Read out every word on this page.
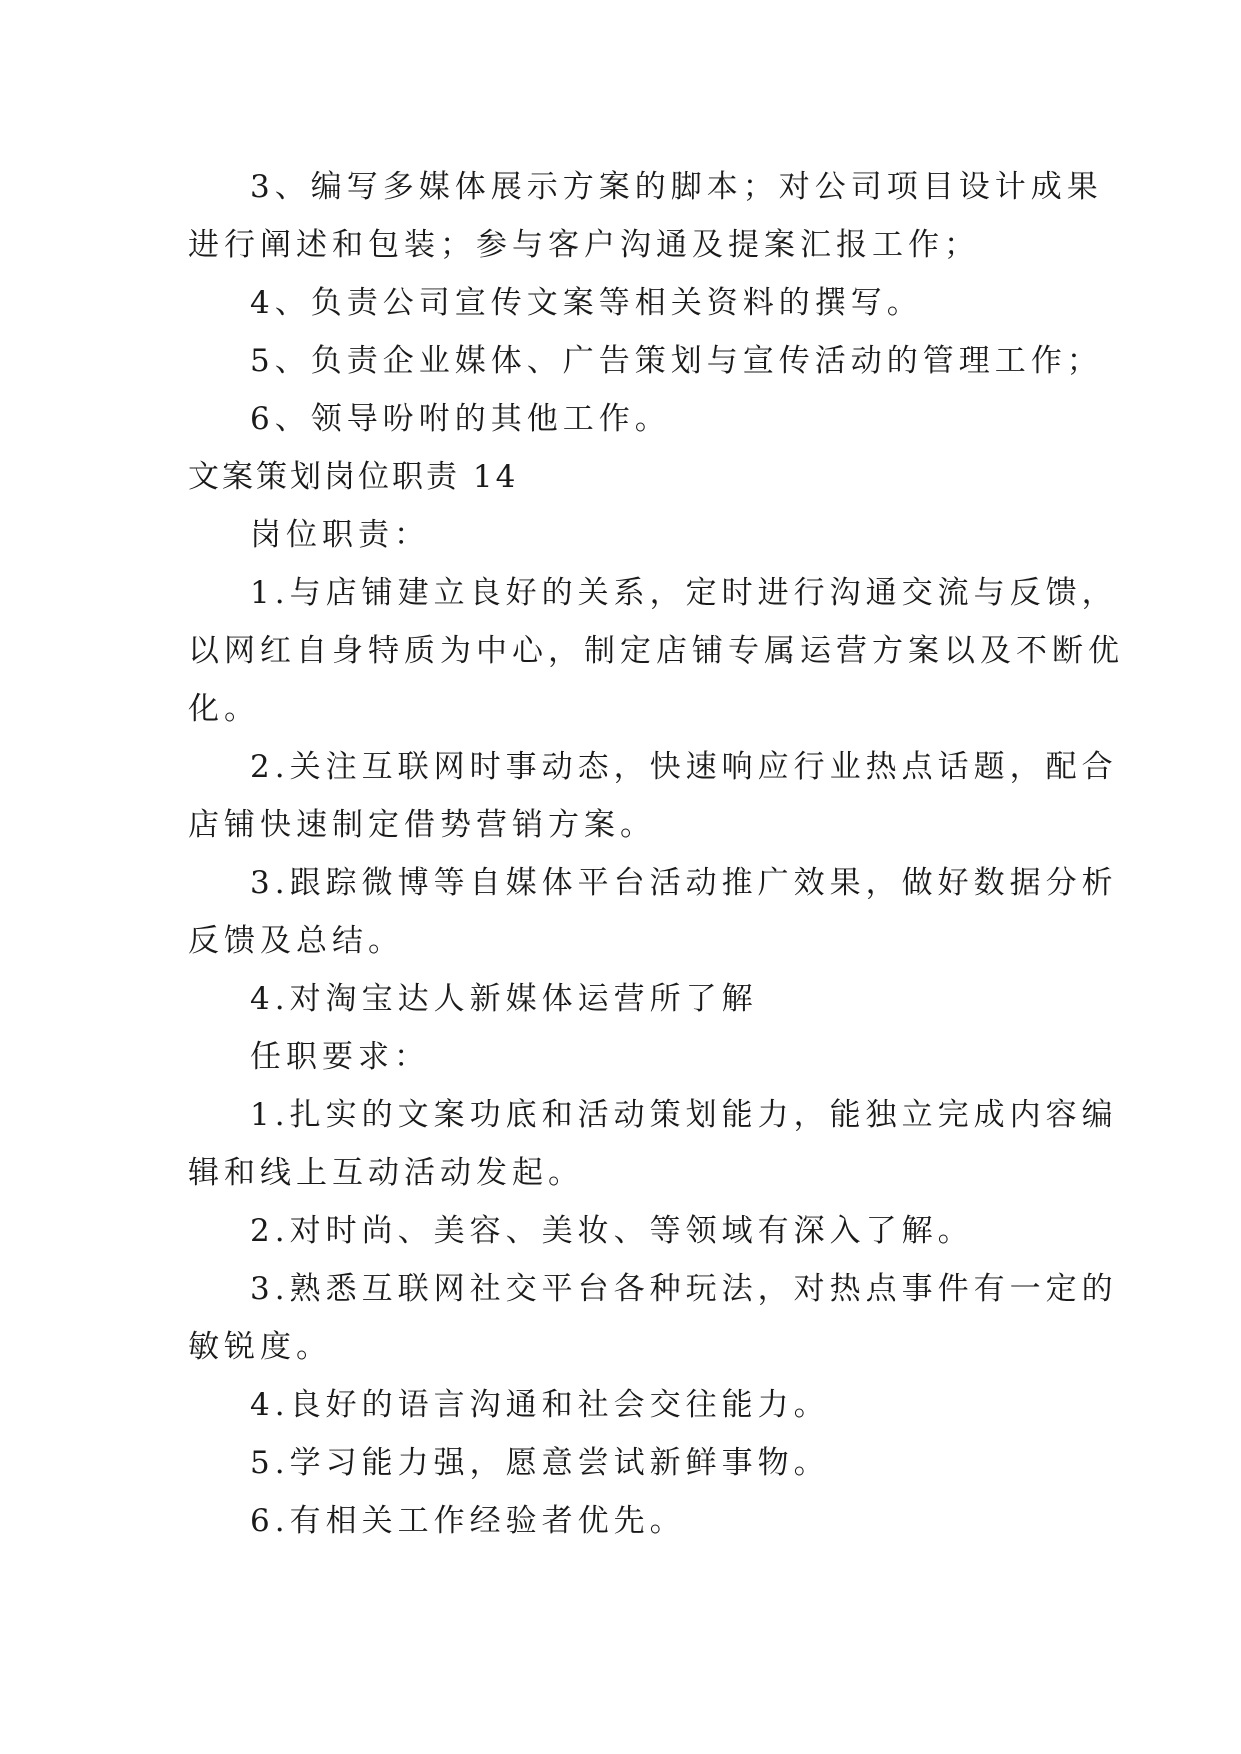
3、编写多媒体展示方案的脚本；对公司项目设计成果
进行阐述和包装；参与客户沟通及提案汇报工作；
4、负责公司宣传文案等相关资料的撰写。
5、负责企业媒体、广告策划与宣传活动的管理工作；
6、领导吩咐的其他工作。
文案策划岗位职责 14
岗位职责：
1.与店铺建立良好的关系，定时进行沟通交流与反馈，
以网红自身特质为中心，制定店铺专属运营方案以及不断优
化。
2.关注互联网时事动态，快速响应行业热点话题，配合
店铺快速制定借势营销方案。
3.跟踪微博等自媒体平台活动推广效果，做好数据分析
反馈及总结。
4.对淘宝达人新媒体运营所了解
任职要求：
1.扎实的文案功底和活动策划能力，能独立完成内容编
辑和线上互动活动发起。
2.对时尚、美容、美妆、等领域有深入了解。
3.熟悉互联网社交平台各种玩法，对热点事件有一定的
敏锐度。
4.良好的语言沟通和社会交往能力。
5.学习能力强，愿意尝试新鲜事物。
6.有相关工作经验者优先。
